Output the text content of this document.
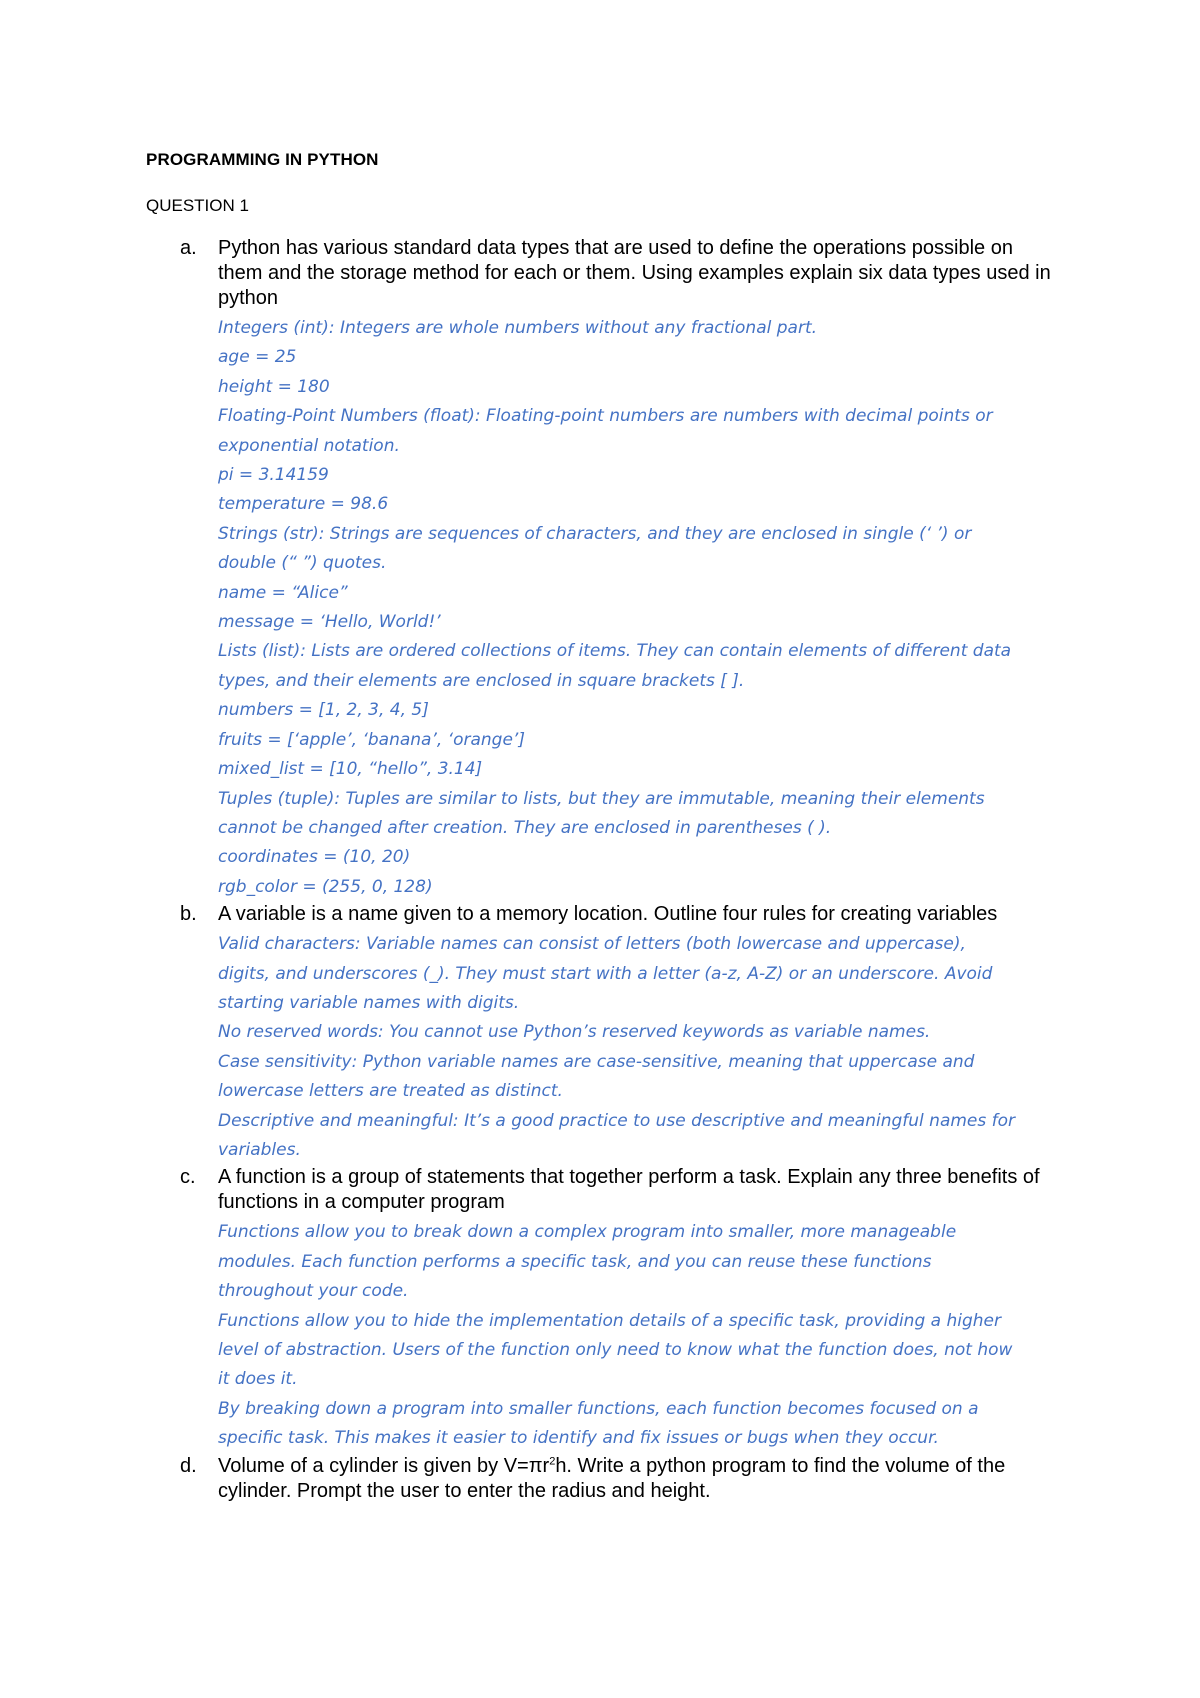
PROGRAMMING IN PYTHON
QUESTION 1
a. Python has various standard data types that are used to define the operations possible on them and the storage method for each or them. Using examples explain six data types used in python

Integers (int): Integers are whole numbers without any fractional part.

age = 25

height = 180

Floating-Point Numbers (float): Floating-point numbers are numbers with decimal points or

exponential notation.

pi = 3.14159

temperature = 98.6

Strings (str): Strings are sequences of characters, and they are enclosed in single (‘ ’) or

double (“ ”) quotes.

name = “Alice”

message = ‘Hello, World!’

Lists (list): Lists are ordered collections of items. They can contain elements of different data

types, and their elements are enclosed in square brackets [ ].

numbers = [1, 2, 3, 4, 5]

fruits = [‘apple’, ‘banana’, ‘orange’]

mixed_list = [10, “hello”, 3.14]

Tuples (tuple): Tuples are similar to lists, but they are immutable, meaning their elements

cannot be changed after creation. They are enclosed in parentheses ( ).

coordinates = (10, 20)

rgb_color = (255, 0, 128)

b. A variable is a name given to a memory location. Outline four rules for creating variables

Valid characters: Variable names can consist of letters (both lowercase and uppercase),

digits, and underscores (_). They must start with a letter (a-z, A-Z) or an underscore. Avoid

starting variable names with digits.

No reserved words: You cannot use Python’s reserved keywords as variable names.

Case sensitivity: Python variable names are case-sensitive, meaning that uppercase and

lowercase letters are treated as distinct.

Descriptive and meaningful: It’s a good practice to use descriptive and meaningful names for

variables.

c. A function is a group of statements that together perform a task. Explain any three benefits of functions in a computer program

Functions allow you to break down a complex program into smaller, more manageable

modules. Each function performs a specific task, and you can reuse these functions

throughout your code.

Functions allow you to hide the implementation details of a specific task, providing a higher

level of abstraction. Users of the function only need to know what the function does, not how

it does it.

By breaking down a program into smaller functions, each function becomes focused on a

specific task. This makes it easier to identify and fix issues or bugs when they occur.

d. Volume of a cylinder is given by $V=\pi r^2h$. Write a python program to find the volume of the cylinder. Prompt the user to enter the radius and height.
